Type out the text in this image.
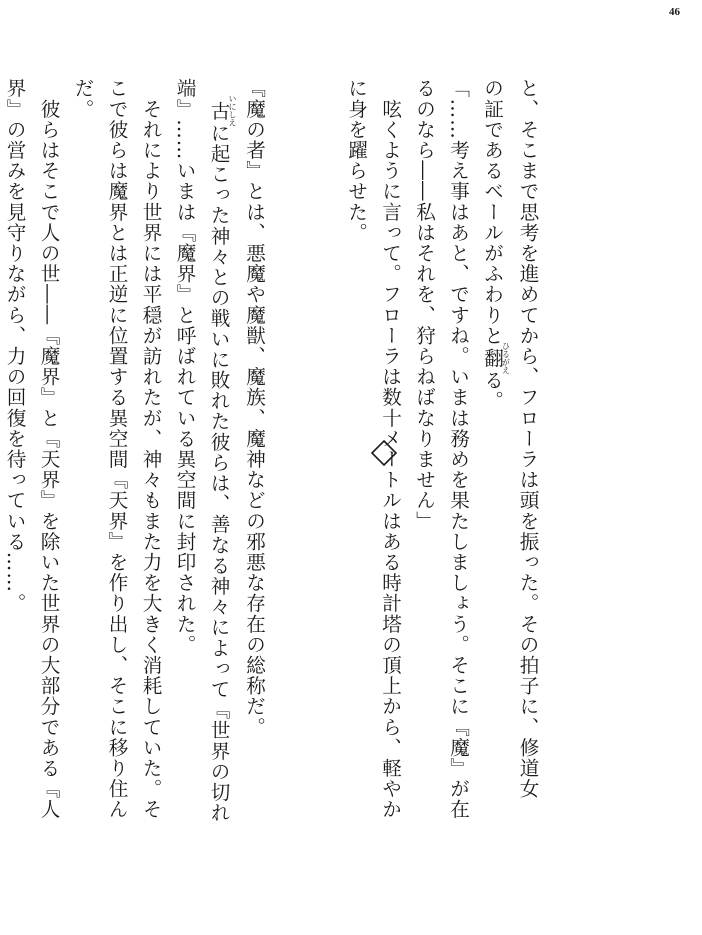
46

と、そこまで思考を進めてから、フローラは頭を振った。その拍子に、修道女

の証であるベールがふわりと翻ひるがえる。

「……考え事はあと、ですね。いまは務めを果たしましょう。そこに『魔』が在

るのなら――私はそれを、狩らねばなりません」

　呟くように言って。フローラは数十メートルはある時計塔の頂上から、軽やか

に身を躍らせた。

『魔の者』とは、悪魔や魔獣、魔族、魔神などの邪悪な存在の総称だ。

　古いにしえに起こった神々との戦いに敗れた彼らは、善なる神々によって『世界の切れ

端』……いまは『魔界』と呼ばれている異空間に封印された。

　それにより世界には平穏が訪れたが、神々もまた力を大きく消耗していた。そ

こで彼らは魔界とは正逆に位置する異空間『天界』を作り出し、そこに移り住ん

だ。

　彼らはそこで人の世――『魔界』と『天界』を除いた世界の大部分である『人

界』の営みを見守りながら、力の回復を待っている……。
